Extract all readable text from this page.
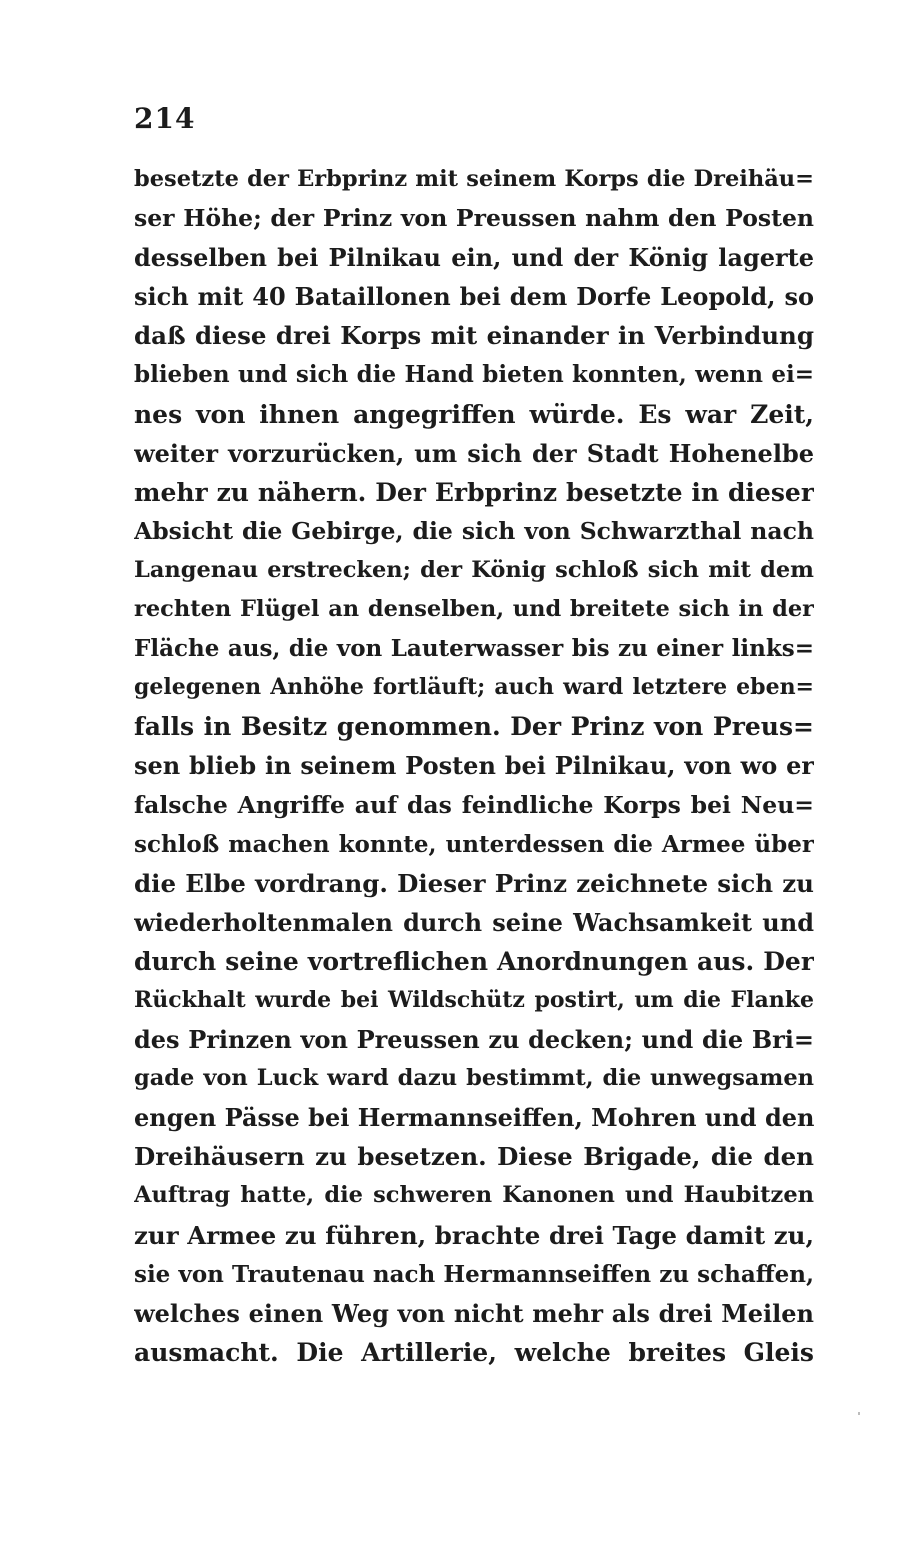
214
besetzte der Erbprinz mit seinem Korps die Dreihäu=
ser Höhe; der Prinz von Preussen nahm den Posten
desselben bei Pilnikau ein, und der König lagerte
sich mit 40 Bataillonen bei dem Dorfe Leopold, so
daß diese drei Korps mit einander in Verbindung
blieben und sich die Hand bieten konnten, wenn ei=
nes von ihnen angegriffen würde. Es war Zeit,
weiter vorzurücken, um sich der Stadt Hohenelbe
mehr zu nähern. Der Erbprinz besetzte in dieser
Absicht die Gebirge, die sich von Schwarzthal nach
Langenau erstrecken; der König schloß sich mit dem
rechten Flügel an denselben, und breitete sich in der
Fläche aus, die von Lauterwasser bis zu einer links=
gelegenen Anhöhe fortläuft; auch ward letztere eben=
falls in Besitz genommen. Der Prinz von Preus=
sen blieb in seinem Posten bei Pilnikau, von wo er
falsche Angriffe auf das feindliche Korps bei Neu=
schloß machen konnte, unterdessen die Armee über
die Elbe vordrang. Dieser Prinz zeichnete sich zu
wiederholtenmalen durch seine Wachsamkeit und
durch seine vortreflichen Anordnungen aus. Der
Rückhalt wurde bei Wildschütz postirt, um die Flanke
des Prinzen von Preussen zu decken; und die Bri=
gade von Luck ward dazu bestimmt, die unwegsamen
engen Pässe bei Hermannseiffen, Mohren und den
Dreihäusern zu besetzen. Diese Brigade, die den
Auftrag hatte, die schweren Kanonen und Haubitzen
zur Armee zu führen, brachte drei Tage damit zu,
sie von Trautenau nach Hermannseiffen zu schaffen,
welches einen Weg von nicht mehr als drei Meilen
ausmacht. Die Artillerie, welche breites Gleis
